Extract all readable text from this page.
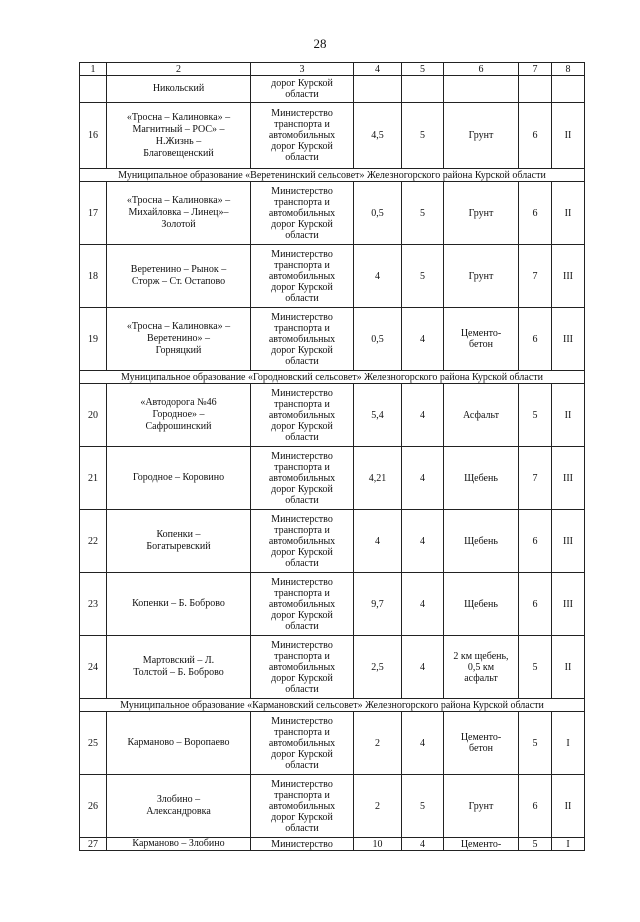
28
1	2	3	4	5	6	7	8
	Никольский	дорог Курской
области					
16	«Тросна – Калиновка» –
Магнитный – РОС» –
Н.Жизнь –
Благовещенский	Министерство
транспорта и
автомобильных
дорог Курской
области	4,5	5	Грунт	6	II
Муниципальное образование «Веретенинский сельсовет» Железногорского района Курской области							
17	«Тросна – Калиновка» –
Михайловка – Линец»–
Золотой	Министерство
транспорта и
автомобильных
дорог Курской
области	0,5	5	Грунт	6	II
18	Веретенино – Рынок –
Сторж – Ст. Остапово	Министерство
транспорта и
автомобильных
дорог Курской
области	4	5	Грунт	7	III
19	«Тросна – Калиновка» –
Веретенино» –
Горняцкий	Министерство
транспорта и
автомобильных
дорог Курской
области	0,5	4	Цементо-
бетон	6	III
Муниципальное образование «Городновский сельсовет» Железногорского района Курской области							
20	«Автодорога №46
Городное» –
Сафрошинский	Министерство
транспорта и
автомобильных
дорог Курской
области	5,4	4	Асфальт	5	II
21	Городное – Коровино	Министерство
транспорта и
автомобильных
дорог Курской
области	4,21	4	Щебень	7	III
22	Копенки –
Богатыревский	Министерство
транспорта и
автомобильных
дорог Курской
области	4	4	Щебень	6	III
23	Копенки – Б. Боброво	Министерство
транспорта и
автомобильных
дорог Курской
области	9,7	4	Щебень	6	III
24	Мартовский – Л.
Толстой – Б. Боброво	Министерство
транспорта и
автомобильных
дорог Курской
области	2,5	4	2 км щебень,
0,5 км
асфальт	5	II
Муниципальное образование «Кармановский сельсовет» Железногорского района Курской области							
25	Карманово – Воропаево	Министерство
транспорта и
автомобильных
дорог Курской
области	2	4	Цементо-
бетон	5	I
26	Злобино –
Александровка	Министерство
транспорта и
автомобильных
дорог Курской
области	2	5	Грунт	6	II
27	Карманово – Злобино	Министерство	10	4	Цементо-	5	I
